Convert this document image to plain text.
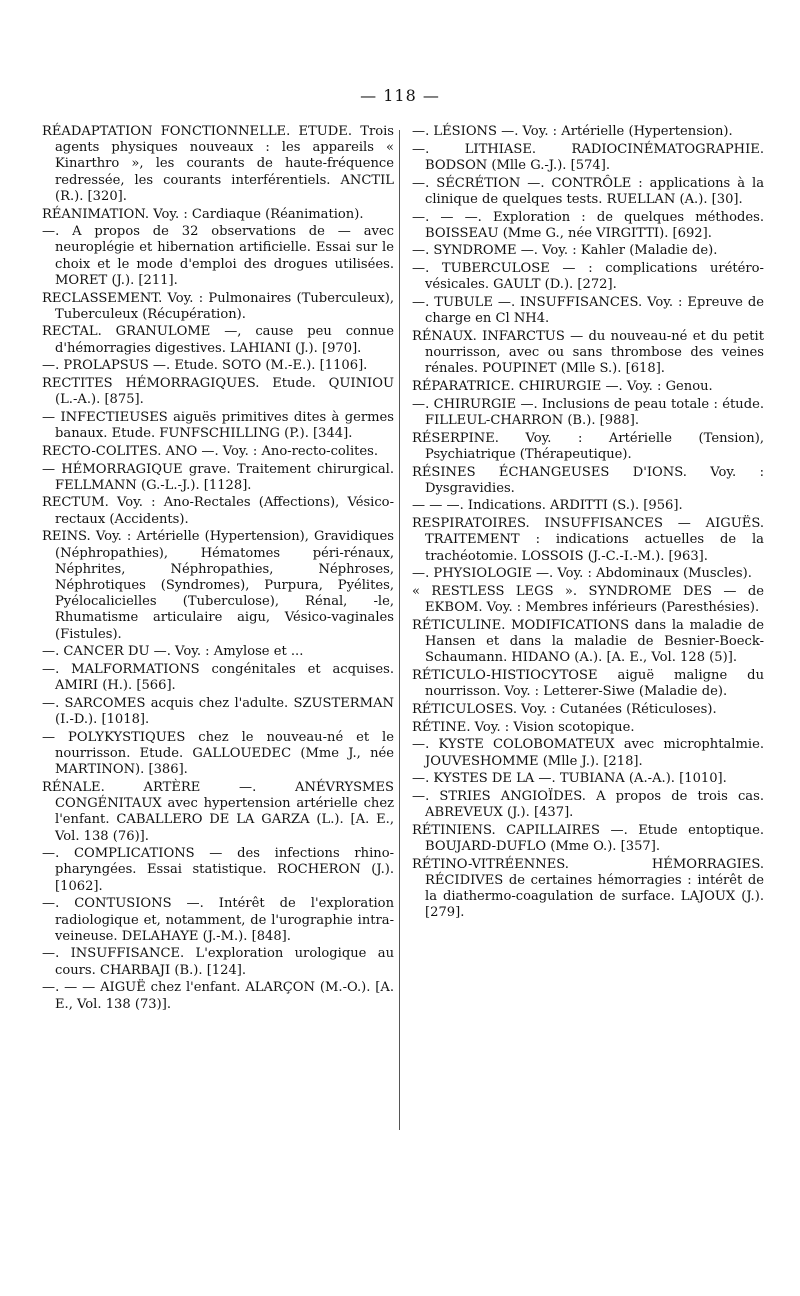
— 118 —

RÉADAPTATION FONCTIONNELLE. ETUDE. Trois agents physiques nouveaux : les appareils « Kinarthro », les courants de haute-fréquence redressée, les courants interférentiels. ANCTIL (R.). [320].

RÉANIMATION. Voy. : Cardiaque (Réanimation).

—. A propos de 32 observations de — avec neuroplégie et hibernation artificielle. Essai sur le choix et le mode d'emploi des drogues utilisées. MORET (J.). [211].

RECLASSEMENT. Voy. : Pulmonaires (Tuberculeux), Tuberculeux (Récupération).

RECTAL. GRANULOME —, cause peu connue d'hémorragies digestives. LAHIANI (J.). [970].

—. PROLAPSUS —. Etude. SOTO (M.-E.). [1106].

RECTITES HÉMORRAGIQUES. Etude. QUINIOU (L.-A.). [875].

— INFECTIEUSES aiguës primitives dites à germes banaux. Etude. FUNFSCHILLING (P.). [344].

RECTO-COLITES. ANO —. Voy. : Ano-recto-colites.

— HÉMORRAGIQUE grave. Traitement chirurgical. FELLMANN (G.-L.-J.). [1128].

RECTUM. Voy. : Ano-Rectales (Affections), Vésico-rectaux (Accidents).

REINS. Voy. : Artérielle (Hypertension), Gravidiques (Néphropathies), Hématomes péri-rénaux, Néphrites, Néphropathies, Néphroses, Néphrotiques (Syndromes), Purpura, Pyélites, Pyélocalicielles (Tuberculose), Rénal, -le, Rhumatisme articulaire aigu, Vésico-vaginales (Fistules).

—. CANCER DU —. Voy. : Amylose et ...

—. MALFORMATIONS congénitales et acquises. AMIRI (H.). [566].

—. SARCOMES acquis chez l'adulte. SZUSTERMAN (I.-D.). [1018].

— POLYKYSTIQUES chez le nouveau-né et le nourrisson. Etude. GALLOUEDEC (Mme J., née MARTINON). [386].

RÉNALE. ARTÈRE —. ANÉVRYSMES CONGÉNITAUX avec hypertension artérielle chez l'enfant. CABALLERO DE LA GARZA (L.). [A. E., Vol. 138 (76)].

—. COMPLICATIONS — des infections rhino-pharyngées. Essai statistique. ROCHERON (J.). [1062].

—. CONTUSIONS —. Intérêt de l'exploration radiologique et, notamment, de l'urographie intra-veineuse. DELAHAYE (J.-M.). [848].

—. INSUFFISANCE. L'exploration urologique au cours. CHARBAJI (B.). [124].

—. — — AIGUË chez l'enfant. ALARÇON (M.-O.). [A. E., Vol. 138 (73)].

—. LÉSIONS —. Voy. : Artérielle (Hypertension).

—. LITHIASE. RADIOCINÉMATOGRAPHIE. BODSON (Mlle G.-J.). [574].

—. SÉCRÉTION —. CONTRÔLE : applications à la clinique de quelques tests. RUELLAN (A.). [30].

—. — —. Exploration : de quelques méthodes. BOISSEAU (Mme G., née VIRGITTI). [692].

—. SYNDROME —. Voy. : Kahler (Maladie de).

—. TUBERCULOSE — : complications urétéro-vésicales. GAULT (D.). [272].

—. TUBULE —. INSUFFISANCES. Voy. : Epreuve de charge en Cl NH4.

RÉNAUX. INFARCTUS — du nouveau-né et du petit nourrisson, avec ou sans thrombose des veines rénales. POUPINET (Mlle S.). [618].

RÉPARATRICE. CHIRURGIE —. Voy. : Genou.

—. CHIRURGIE —. Inclusions de peau totale : étude. FILLEUL-CHARRON (B.). [988].

RÉSERPINE. Voy. : Artérielle (Tension), Psychiatrique (Thérapeutique).

RÉSINES ÉCHANGEUSES D'IONS. Voy. : Dysgravidies.

— — —. Indications. ARDITTI (S.). [956].

RESPIRATOIRES. INSUFFISANCES — AIGUËS. TRAITEMENT : indications actuelles de la trachéotomie. LOSSOIS (J.-C.-I.-M.). [963].

—. PHYSIOLOGIE —. Voy. : Abdominaux (Muscles).

« RESTLESS LEGS ». SYNDROME DES — de EKBOM. Voy. : Membres inférieurs (Paresthésies).

RÉTICULINE. MODIFICATIONS dans la maladie de Hansen et dans la maladie de Besnier-Boeck-Schaumann. HIDANO (A.). [A. E., Vol. 128 (5)].

RÉTICULO-HISTIOCYTOSE aiguë maligne du nourrisson. Voy. : Letterer-Siwe (Maladie de).

RÉTICULOSES. Voy. : Cutanées (Réticuloses).

RÉTINE. Voy. : Vision scotopique.

—. KYSTE COLOBOMATEUX avec microphtalmie. JOUVESHOMME (Mlle J.). [218].

—. KYSTES DE LA —. TUBIANA (A.-A.). [1010].

—. STRIES ANGIOÏDES. A propos de trois cas. ABREVEUX (J.). [437].

RÉTINIENS. CAPILLAIRES —. Etude entoptique. BOUJARD-DUFLO (Mme O.). [357].

RÉTINO-VITRÉENNES. HÉMORRAGIES. RÉCIDIVES de certaines hémorragies : intérêt de la diathermo-coagulation de surface. LAJOUX (J.). [279].
